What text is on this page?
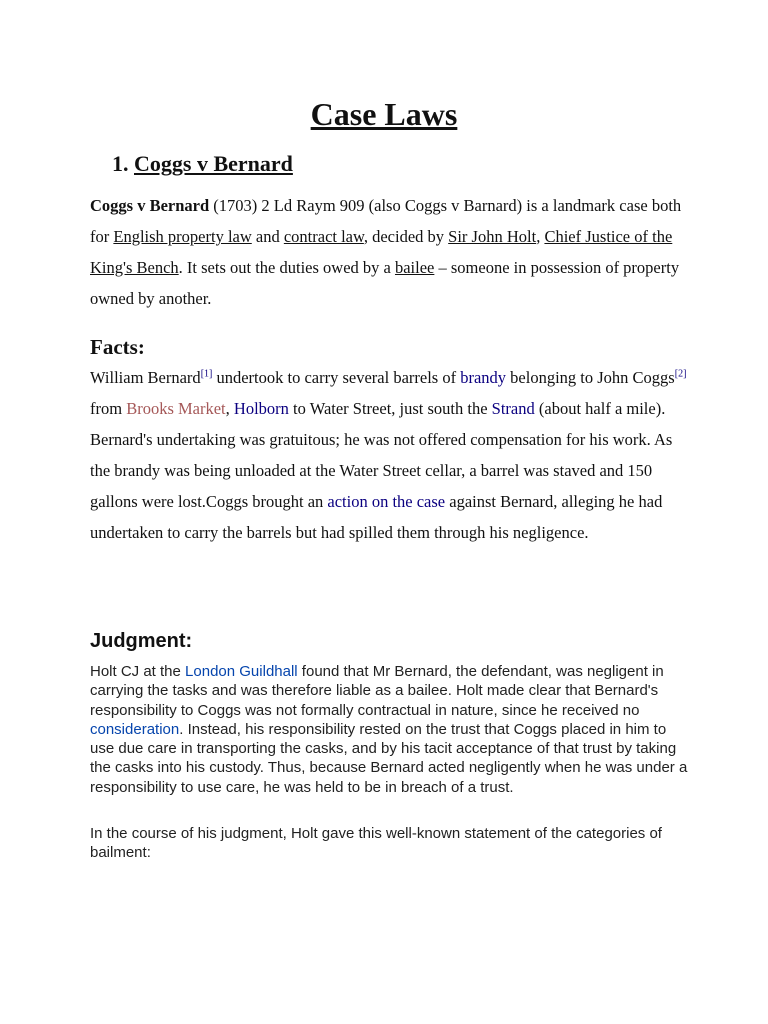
Case Laws
1. Coggs v Bernard

Coggs v Bernard (1703) 2 Ld Raym 909 (also Coggs v Barnard) is a landmark case both for English property law and contract law, decided by Sir John Holt, Chief Justice of the King's Bench. It sets out the duties owed by a bailee – someone in possession of property owned by another.

Facts:

William Bernard[1] undertook to carry several barrels of brandy belonging to John Coggs[2] from Brooks Market, Holborn to Water Street, just south the Strand (about half a mile). Bernard's undertaking was gratuitous; he was not offered compensation for his work. As the brandy was being unloaded at the Water Street cellar, a barrel was staved and 150 gallons were lost.Coggs brought an action on the case against Bernard, alleging he had undertaken to carry the barrels but had spilled them through his negligence.

Judgment:

Holt CJ at the London Guildhall found that Mr Bernard, the defendant, was negligent in carrying the tasks and was therefore liable as a bailee. Holt made clear that Bernard's responsibility to Coggs was not formally contractual in nature, since he received no consideration. Instead, his responsibility rested on the trust that Coggs placed in him to use due care in transporting the casks, and by his tacit acceptance of that trust by taking the casks into his custody. Thus, because Bernard acted negligently when he was under a responsibility to use care, he was held to be in breach of a trust.

In the course of his judgment, Holt gave this well-known statement of the categories of bailment:
